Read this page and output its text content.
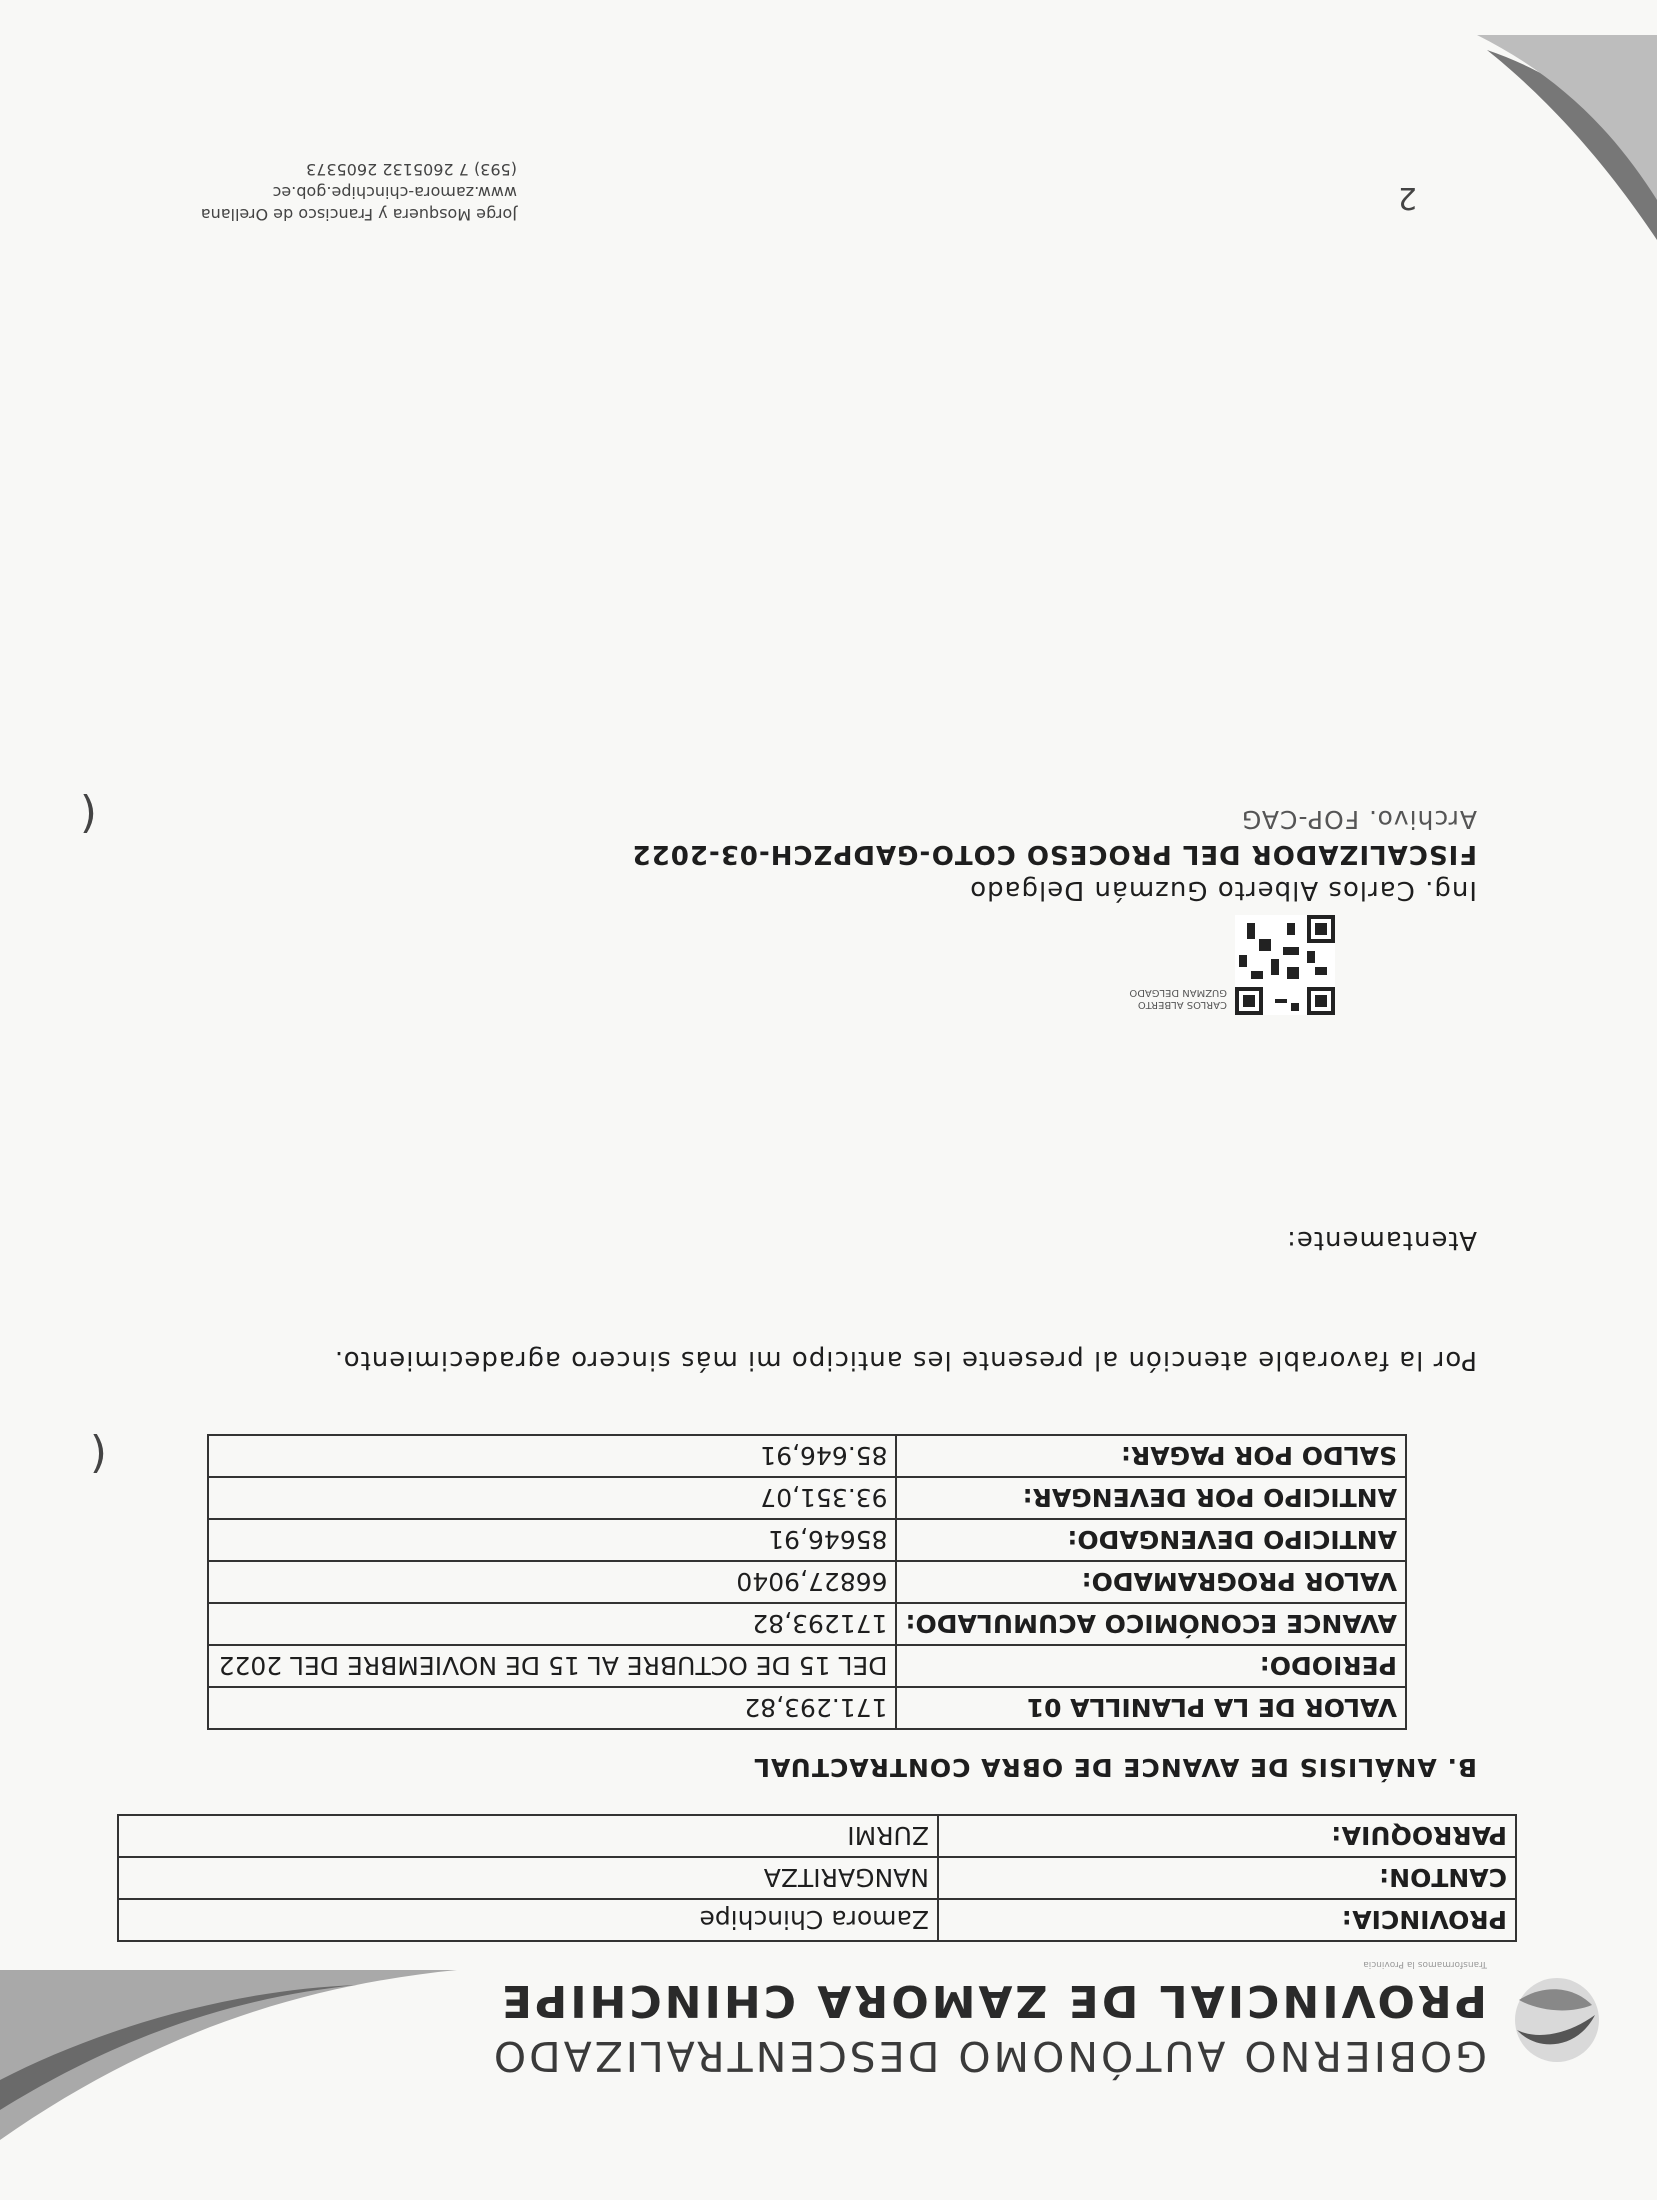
GOBIERNO AUTÓNOMO DESCENTRALIZADO
PROVINCIAL DE ZAMORA CHINCHIPE
Transformamos la Provincia
PROVINCIA:	Zamora Chinchipe
CANTON:	NANGARITZA
PARROQUIA:	ZURMI
B. ANÁLISIS DE AVANCE DE OBRA CONTRACTUAL
VALOR DE LA PLANILLA 01	171.293,82
PERIODO:	DEL 15 DE OCTUBRE AL 15 DE NOVIEMBRE DEL 2022
AVANCE ECONÓMICO ACUMULADO:	171293,82
VALOR PROGRAMADO:	66827,9040
ANTICIPO DEVENGADO:	85646,91
ANTICIPO POR DEVENGAR:	93.351,07
SALDO POR PAGAR:	85.646,91
(
Por la favorable atención al presente les anticipo mi más sincero agradecimiento.
Atentamente:
CARLOS ALBERTO
GUZMAN DELGADO
Ing. Carlos Alberto Guzmán Delgado
FISCALIZADOR DEL PROCESO COTO-GADPZCH-03-2022
Archivo. FOP-CAG
(
Jorge Mosquera y Francisco de Orellana
www.zamora-chinchipe.gob.ec
(593) 7 2605132 2605373
2
